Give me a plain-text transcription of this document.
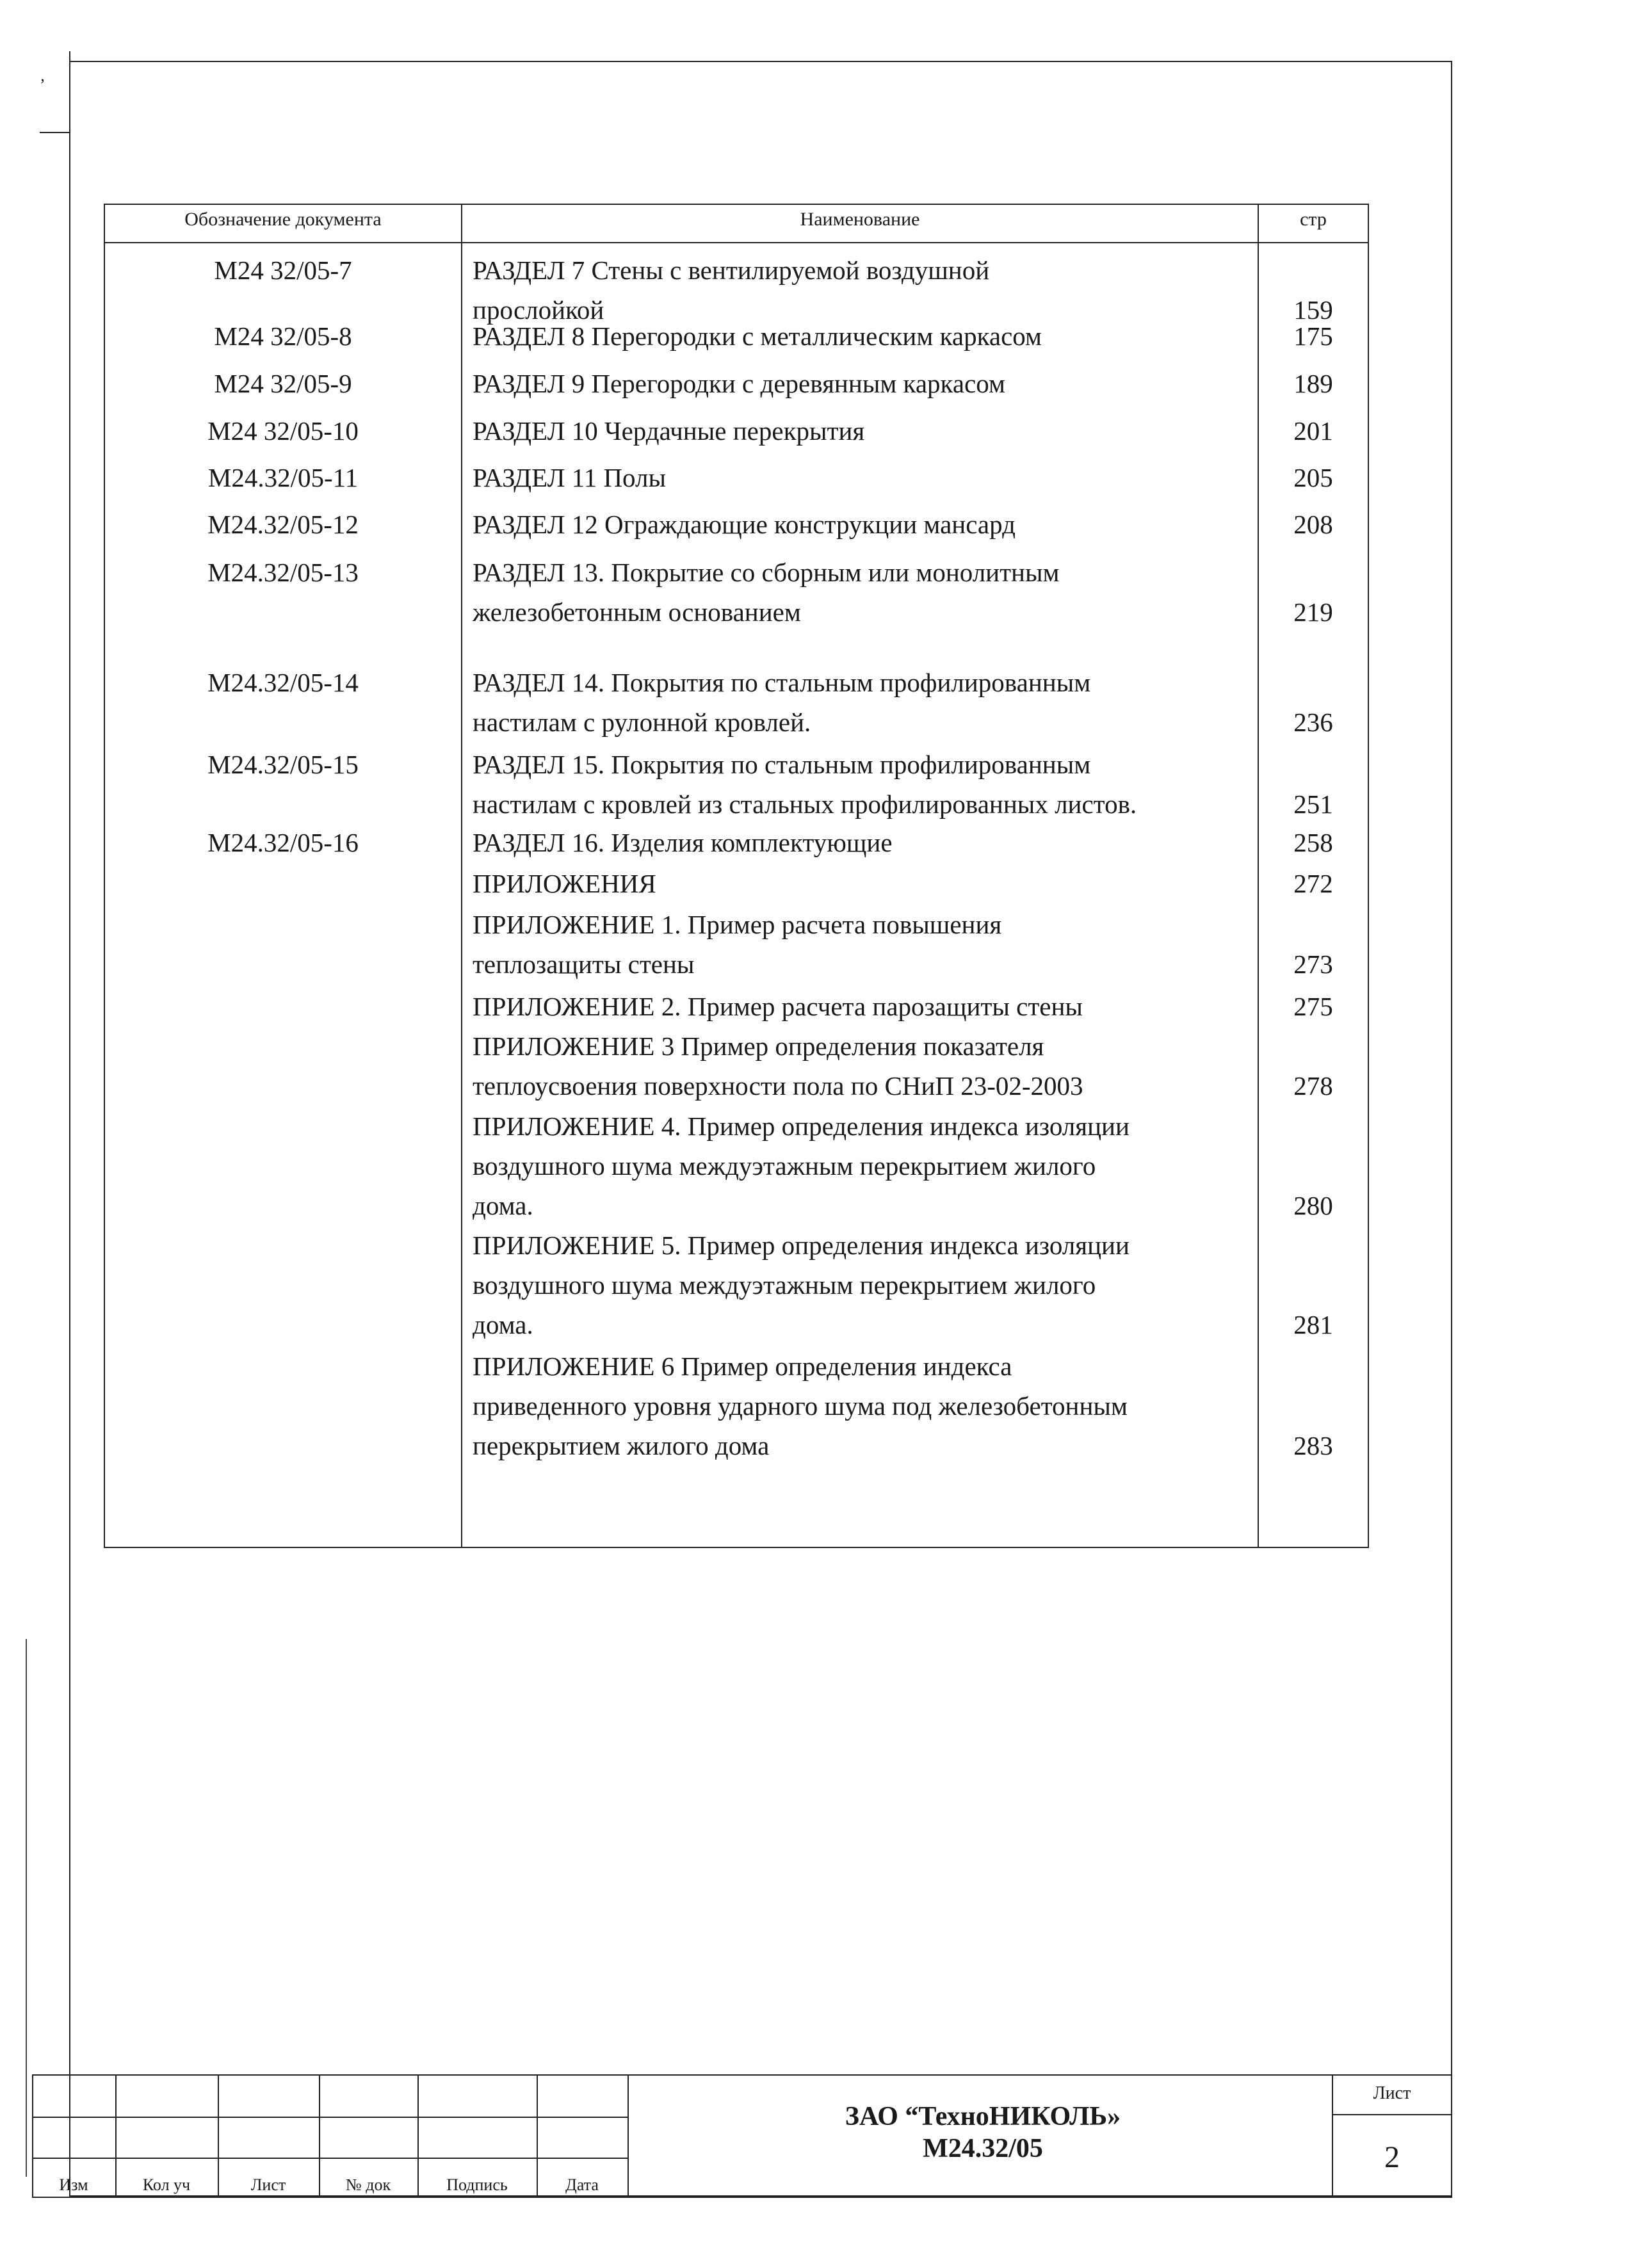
’
Обозначение документа	Наименование	стр
М24 32/05-7	РАЗДЕЛ 7 Стены с вентилируемой воздушной
прослойкой	159
М24 32/05-8	РАЗДЕЛ 8 Перегородки с металлическим каркасом	175
М24 32/05-9	РАЗДЕЛ 9 Перегородки с деревянным каркасом	189
М24 32/05-10	РАЗДЕЛ 10 Чердачные перекрытия	201
М24.32/05-11	РАЗДЕЛ 11 Полы	205
М24.32/05-12	РАЗДЕЛ 12 Ограждающие конструкции мансард	208
М24.32/05-13	РАЗДЕЛ 13. Покрытие со сборным или монолитным
железобетонным основанием	219
М24.32/05-14	РАЗДЕЛ 14. Покрытия по стальным профилированным
настилам с рулонной кровлей.	236
М24.32/05-15	РАЗДЕЛ 15. Покрытия по стальным профилированным
настилам с кровлей из стальных профилированных листов.	251
М24.32/05-16	РАЗДЕЛ 16. Изделия комплектующие	258
ПРИЛОЖЕНИЯ	272
ПРИЛОЖЕНИЕ 1. Пример расчета повышения
теплозащиты стены	273
ПРИЛОЖЕНИЕ 2. Пример расчета парозащиты стены	275
ПРИЛОЖЕНИЕ 3 Пример определения показателя
теплоусвоения поверхности пола по СНиП 23-02-2003	278
ПРИЛОЖЕНИЕ 4. Пример определения индекса изоляции
воздушного шума междуэтажным перекрытием жилого
дома.	280
ПРИЛОЖЕНИЕ 5. Пример определения индекса изоляции
воздушного шума междуэтажным перекрытием жилого
дома.	281
ПРИЛОЖЕНИЕ 6 Пример определения индекса
приведенного уровня ударного шума под железобетонным
перекрытием жилого дома	283
Изм	Кол уч	Лист	№ док	Подпись	Дата
ЗАО “ТехноНИКОЛЬ»
М24.32/05
Лист
2
